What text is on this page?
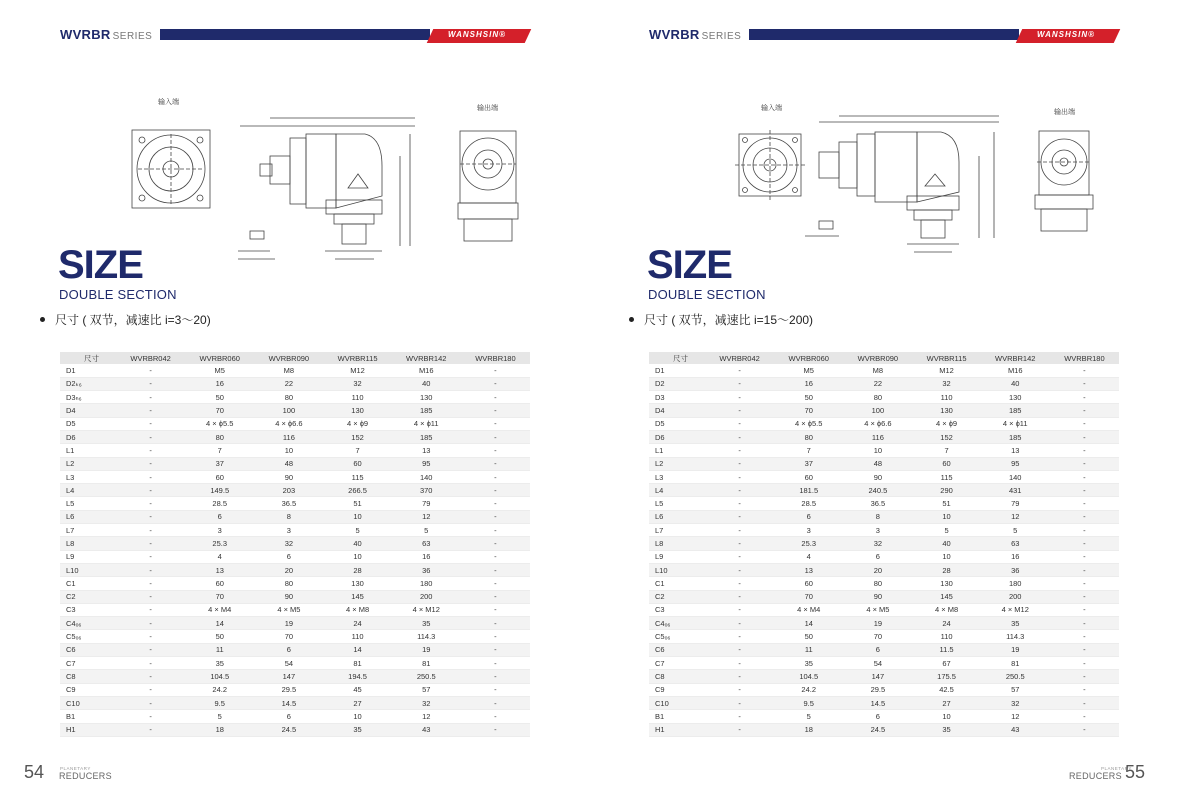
WVRBR SERIES	WANSHSIN®
输入端
输出端
SIZE
DOUBLE SECTION
尺寸 ( 双节，减速比 i=3～20)
尺寸	WVRBR042	WVRBR060	WVRBR090	WVRBR115	WVRBR142	WVRBR180
D1	-	M5	M8	M12	M16	-
D2ₖ₆	-	16	22	32	40	-
D3ₕ₆	-	50	80	110	130	-
D4	-	70	100	130	185	-
D5	-	4 × ϕ5.5	4 × ϕ6.6	4 × ϕ9	4 × ϕ11	-
D6	-	80	116	152	185	-
L1	-	7	10	7	13	-
L2	-	37	48	60	95	-
L3	-	60	90	115	140	-
L4	-	149.5	203	266.5	370	-
L5	-	28.5	36.5	51	79	-
L6	-	6	8	10	12	-
L7	-	3	3	5	5	-
L8	-	25.3	32	40	63	-
L9	-	4	6	10	16	-
L10	-	13	20	28	36	-
C1	-	60	80	130	180	-
C2	-	70	90	145	200	-
C3	-	4 × M4	4 × M5	4 × M8	4 × M12	-
C4ₒ₆	-	14	19	24	35	-
C5ₒ₆	-	50	70	110	114.3	-
C6	-	11	6	14	19	-
C7	-	35	54	81	81	-
C8	-	104.5	147	194.5	250.5	-
C9	-	24.2	29.5	45	57	-
C10	-	9.5	14.5	27	32	-
B1	-	5	6	10	12	-
H1	-	18	24.5	35	43	-
54	PLANETARY
REDUCERS
WVRBR SERIES	WANSHSIN®
输入端	输出端
SIZE
DOUBLE SECTION
尺寸 ( 双节，减速比 i=15～200)
尺寸	WVRBR042	WVRBR060	WVRBR090	WVRBR115	WVRBR142	WVRBR180
D1	-	M5	M8	M12	M16	-
D2	-	16	22	32	40	-
D3	-	50	80	110	130	-
D4	-	70	100	130	185	-
D5	-	4 × ϕ5.5	4 × ϕ6.6	4 × ϕ9	4 × ϕ11	-
D6	-	80	116	152	185	-
L1	-	7	10	7	13	-
L2	-	37	48	60	95	-
L3	-	60	90	115	140	-
L4	-	181.5	240.5	290	431	-
L5	-	28.5	36.5	51	79	-
L6	-	6	8	10	12	-
L7	-	3	3	5	5	-
L8	-	25.3	32	40	63	-
L9	-	4	6	10	16	-
L10	-	13	20	28	36	-
C1	-	60	80	130	180	-
C2	-	70	90	145	200	-
C3	-	4 × M4	4 × M5	4 × M8	4 × M12	-
C4ₒ₆	-	14	19	24	35	-
C5ₒ₆	-	50	70	110	114.3	-
C6	-	11	6	11.5	19	-
C7	-	35	54	67	81	-
C8	-	104.5	147	175.5	250.5	-
C9	-	24.2	29.5	42.5	57	-
C10	-	9.5	14.5	27	32	-
B1	-	5	6	10	12	-
H1	-	18	24.5	35	43	-
PLANETARY
REDUCERS 55
